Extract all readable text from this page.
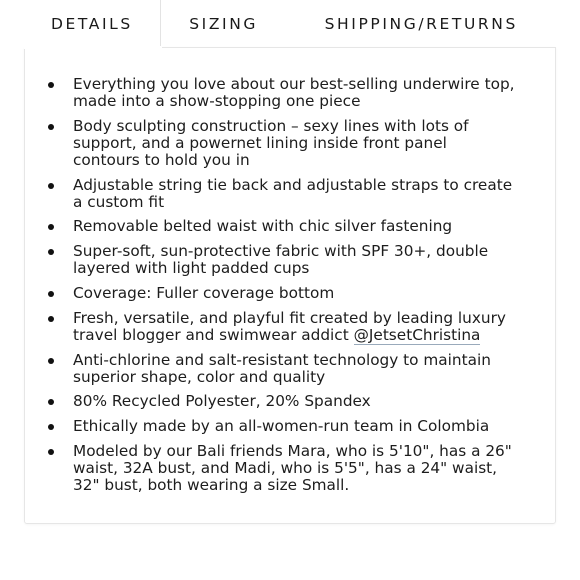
DETAILS	SIZING	SHIPPING/RETURNS
Everything you love about our best-selling underwire top, made into a show-stopping one piece
Body sculpting construction – sexy lines with lots of support, and a powernet lining inside front panel contours to hold you in
Adjustable string tie back and adjustable straps to create a custom fit
Removable belted waist with chic silver fastening
Super-soft, sun-protective fabric with SPF 30+, double layered with light padded cups
Coverage: Fuller coverage bottom
Fresh, versatile, and playful fit created by leading luxury travel blogger and swimwear addict @JetsetChristina
Anti-chlorine and salt-resistant technology to maintain superior shape, color and quality
80% Recycled Polyester, 20% Spandex
Ethically made by an all-women-run team in Colombia
Modeled by our Bali friends Mara, who is 5'10", has a 26" waist, 32A bust, and Madi, who is 5'5", has a 24" waist, 32" bust, both wearing a size Small.
